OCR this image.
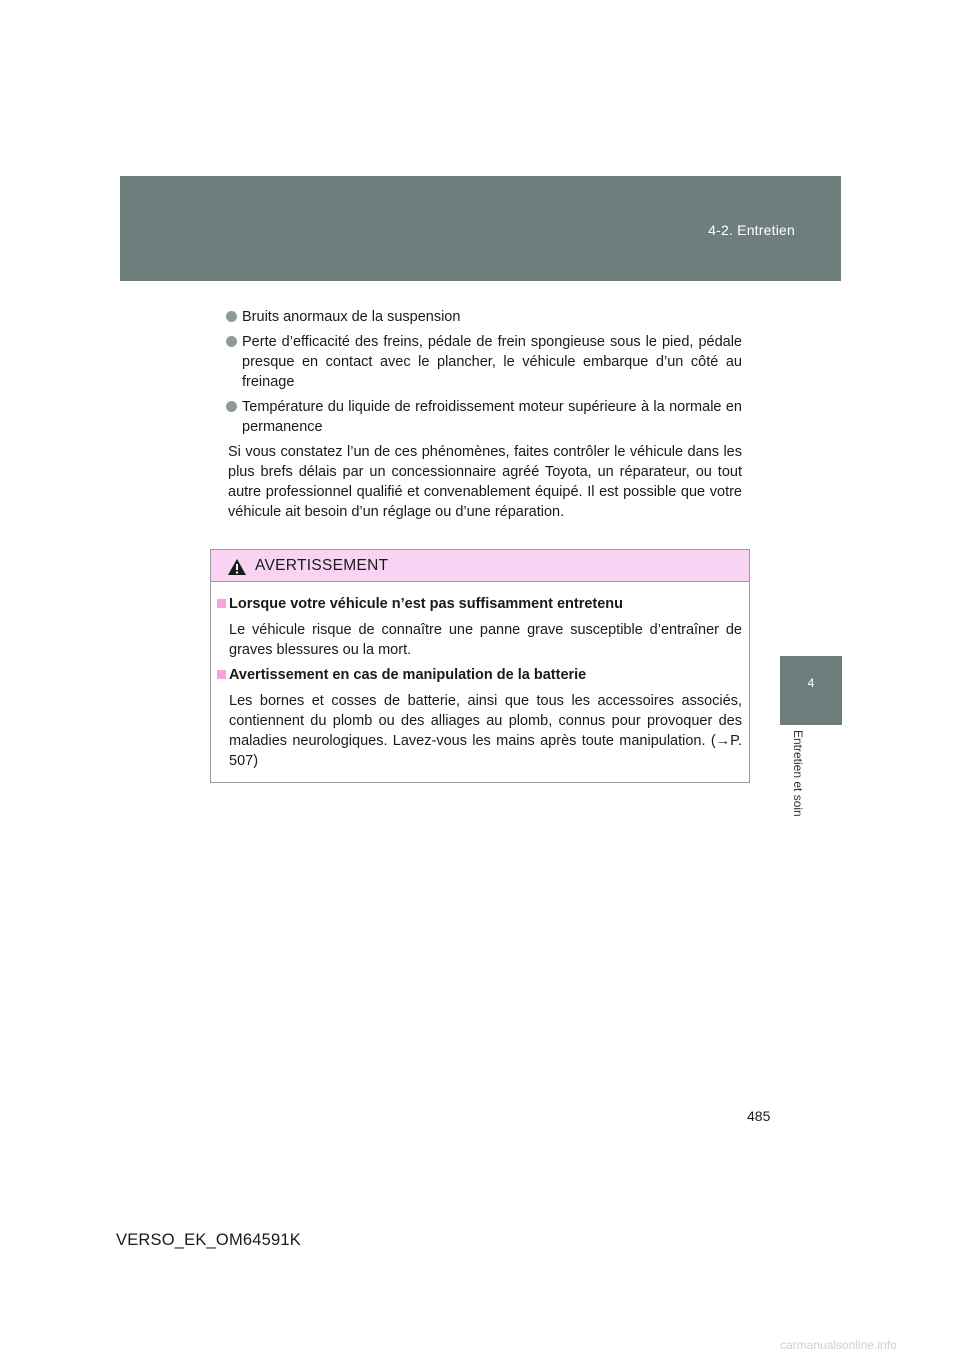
4-2. Entretien
4
Entretien et soin
Bruits anormaux de la suspension
Perte d’efficacité des freins, pédale de frein spongieuse sous le pied, pédale presque en contact avec le plancher, le véhicule embarque d’un côté au freinage
Température du liquide de refroidissement moteur supérieure à la normale en permanence

Si vous constatez l’un de ces phénomènes, faites contrôler le véhicule dans les plus brefs délais par un concessionnaire agréé Toyota, un réparateur, ou tout autre professionnel qualifié et convenablement équipé. Il est possible que votre véhicule ait besoin d’un réglage ou d’une réparation.

AVERTISSEMENT
Lorsque votre véhicule n’est pas suffisamment entretenu
Le véhicule risque de connaître une panne grave susceptible d’entraîner de graves blessures ou la mort.
Avertissement en cas de manipulation de la batterie
Les bornes et cosses de batterie, ainsi que tous les accessoires associés, contiennent du plomb ou des alliages au plomb, connus pour provoquer des maladies neurologiques. Lavez-vous les mains après toute manipulation. (→P. 507)
485
VERSO_EK_OM64591K
carmanualsonline.info
